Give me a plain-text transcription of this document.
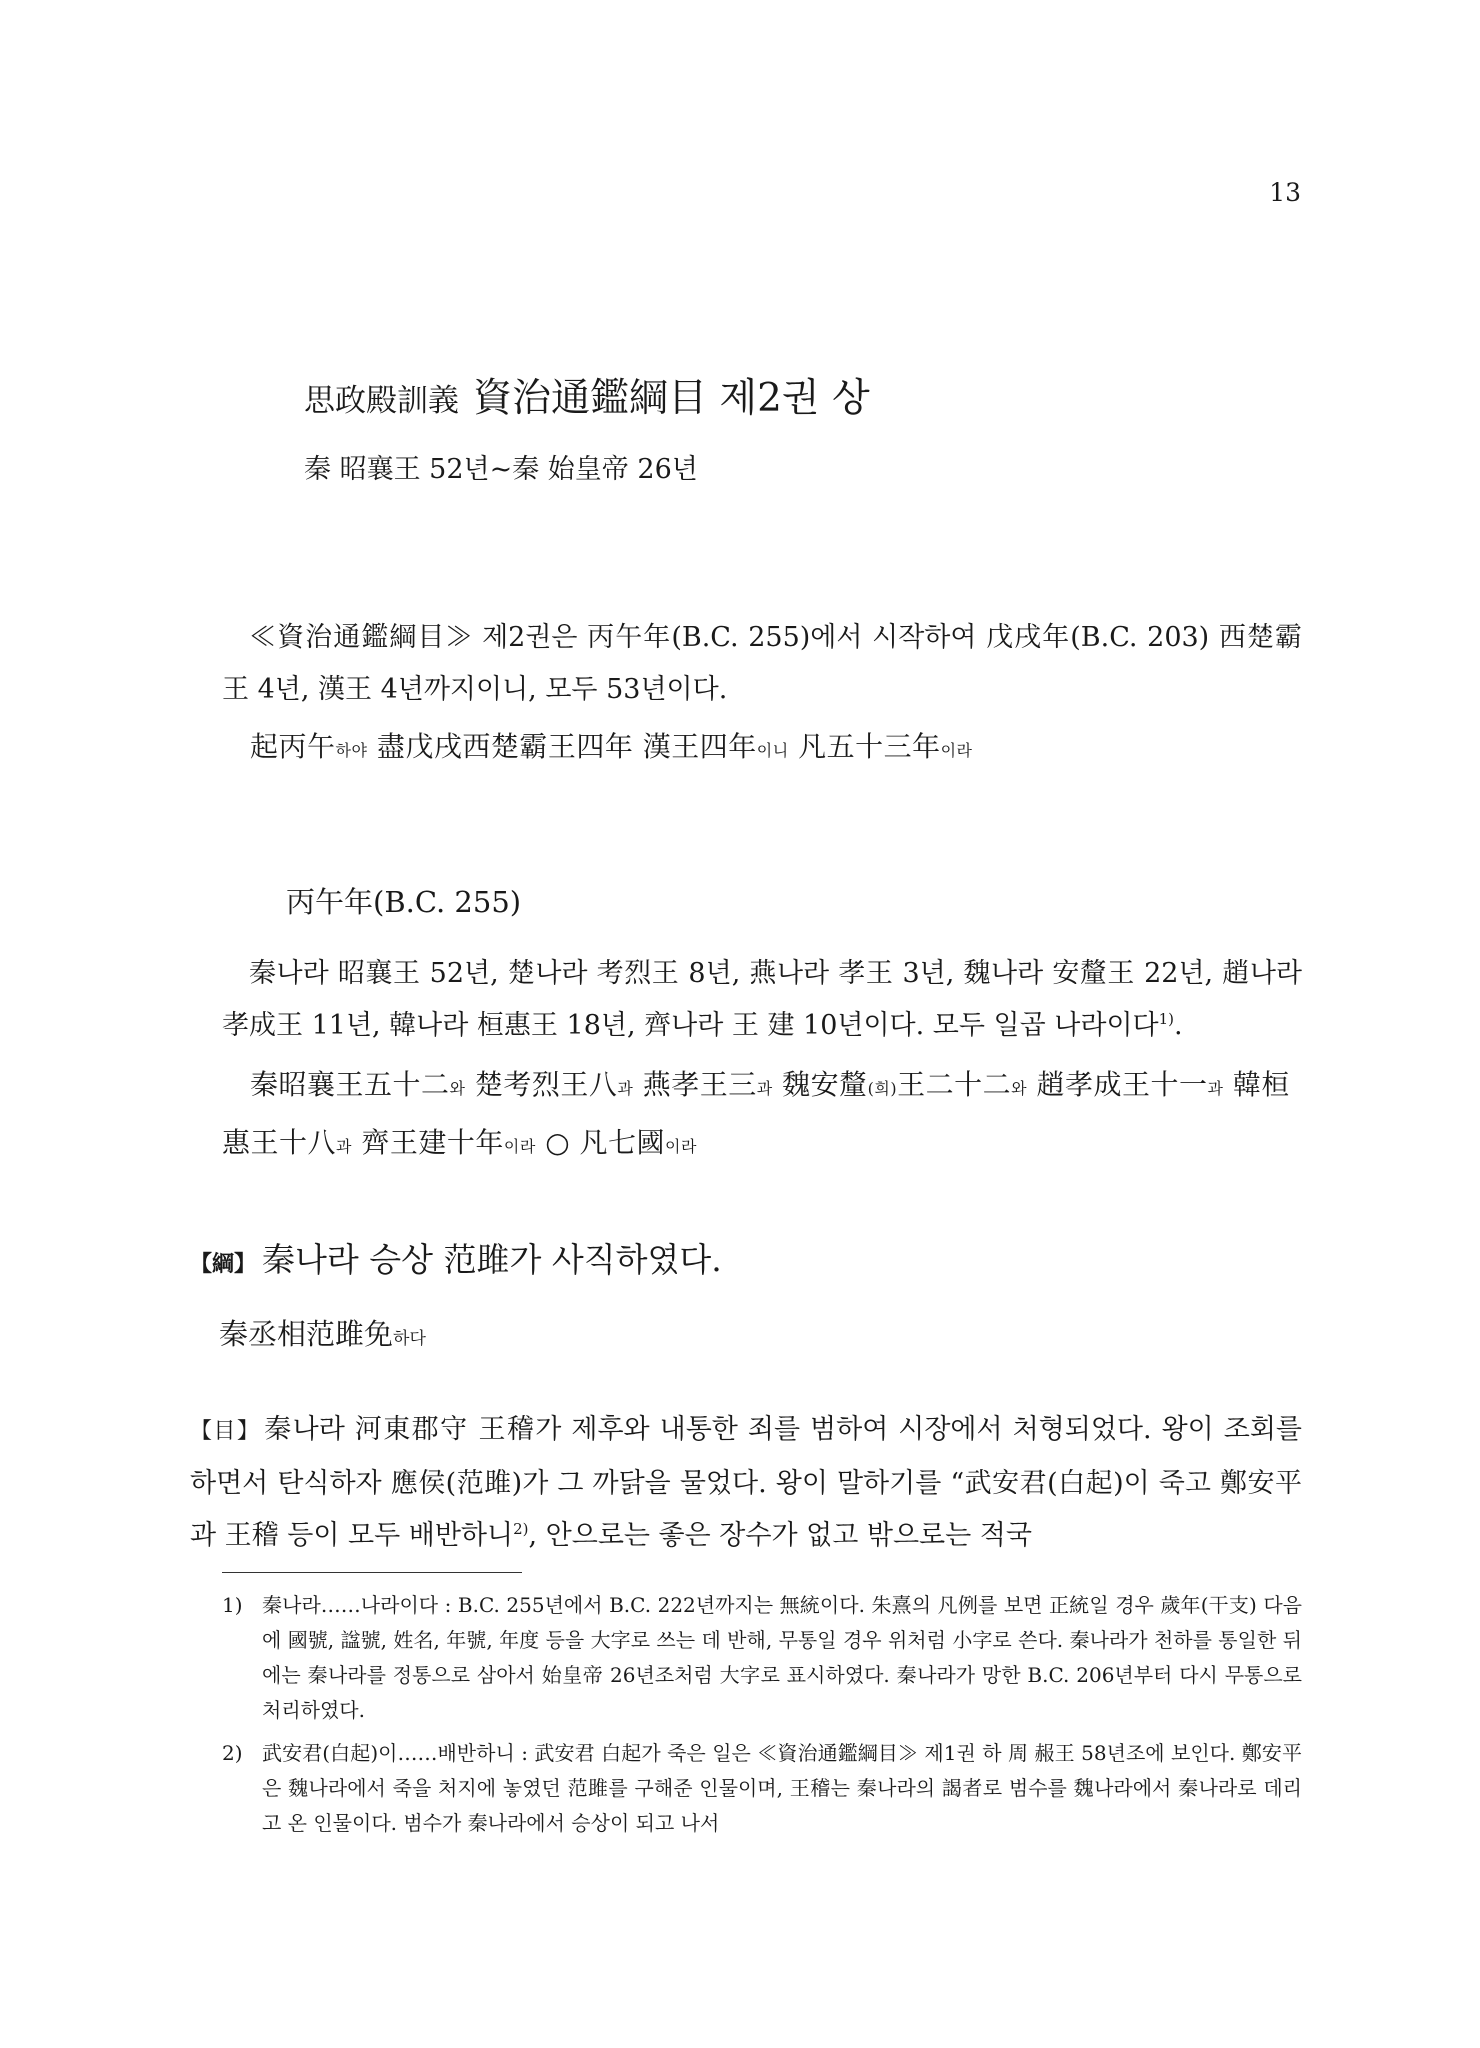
13
思政殿訓義 資治通鑑綱目 제2권 상
秦 昭襄王 52년~秦 始皇帝 26년

≪資治通鑑綱目≫ 제2권은 丙午年(B.C. 255)에서 시작하여 戊戌年(B.C. 203) 西楚霸王 4년, 漢王 4년까지이니, 모두 53년이다.

起丙午하야 盡戊戌西楚霸王四年 漢王四年이니 凡五十三年이라

丙午年(B.C. 255)

秦나라 昭襄王 52년, 楚나라 考烈王 8년, 燕나라 孝王 3년, 魏나라 安釐王 22년, 趙나라 孝成王 11년, 韓나라 桓惠王 18년, 齊나라 王 建 10년이다. 모두 일곱 나라이다$^{1)}$.

秦昭襄王五十二와 楚考烈王八과 燕孝王三과 魏安釐(희)王二十二와 趙孝成王十一과 韓桓惠王十八과 齊王建十年이라 ○ 凡七國이라

【綱】 秦나라 승상 范雎가 사직하였다.

秦丞相范雎免하다

【目】 秦나라 河東郡守 王稽가 제후와 내통한 죄를 범하여 시장에서 처형되었다. 왕이 조회를 하면서 탄식하자 應侯(范雎)가 그 까닭을 물었다. 왕이 말하기를 “武安君(白起)이 죽고 鄭安平과 王稽 등이 모두 배반하니$^{2)}$, 안으로는 좋은 장수가 없고 밖으로는 적국

1) 秦나라……나라이다 : B.C. 255년에서 B.C. 222년까지는 無統이다. 朱熹의 凡例를 보면 正統일 경우 歲年(干支) 다음에 國號, 諡號, 姓名, 年號, 年度 등을 大字로 쓰는 데 반해, 무통일 경우 위처럼 小字로 쓴다. 秦나라가 천하를 통일한 뒤에는 秦나라를 정통으로 삼아서 始皇帝 26년조처럼 大字로 표시하였다. 秦나라가 망한 B.C. 206년부터 다시 무통으로 처리하였다.
2) 武安君(白起)이……배반하니 : 武安君 白起가 죽은 일은 ≪資治通鑑綱目≫ 제1권 하 周 赧王 58년조에 보인다. 鄭安平은 魏나라에서 죽을 처지에 놓였던 范雎를 구해준 인물이며, 王稽는 秦나라의 謁者로 범수를 魏나라에서 秦나라로 데리고 온 인물이다. 범수가 秦나라에서 승상이 되고 나서
